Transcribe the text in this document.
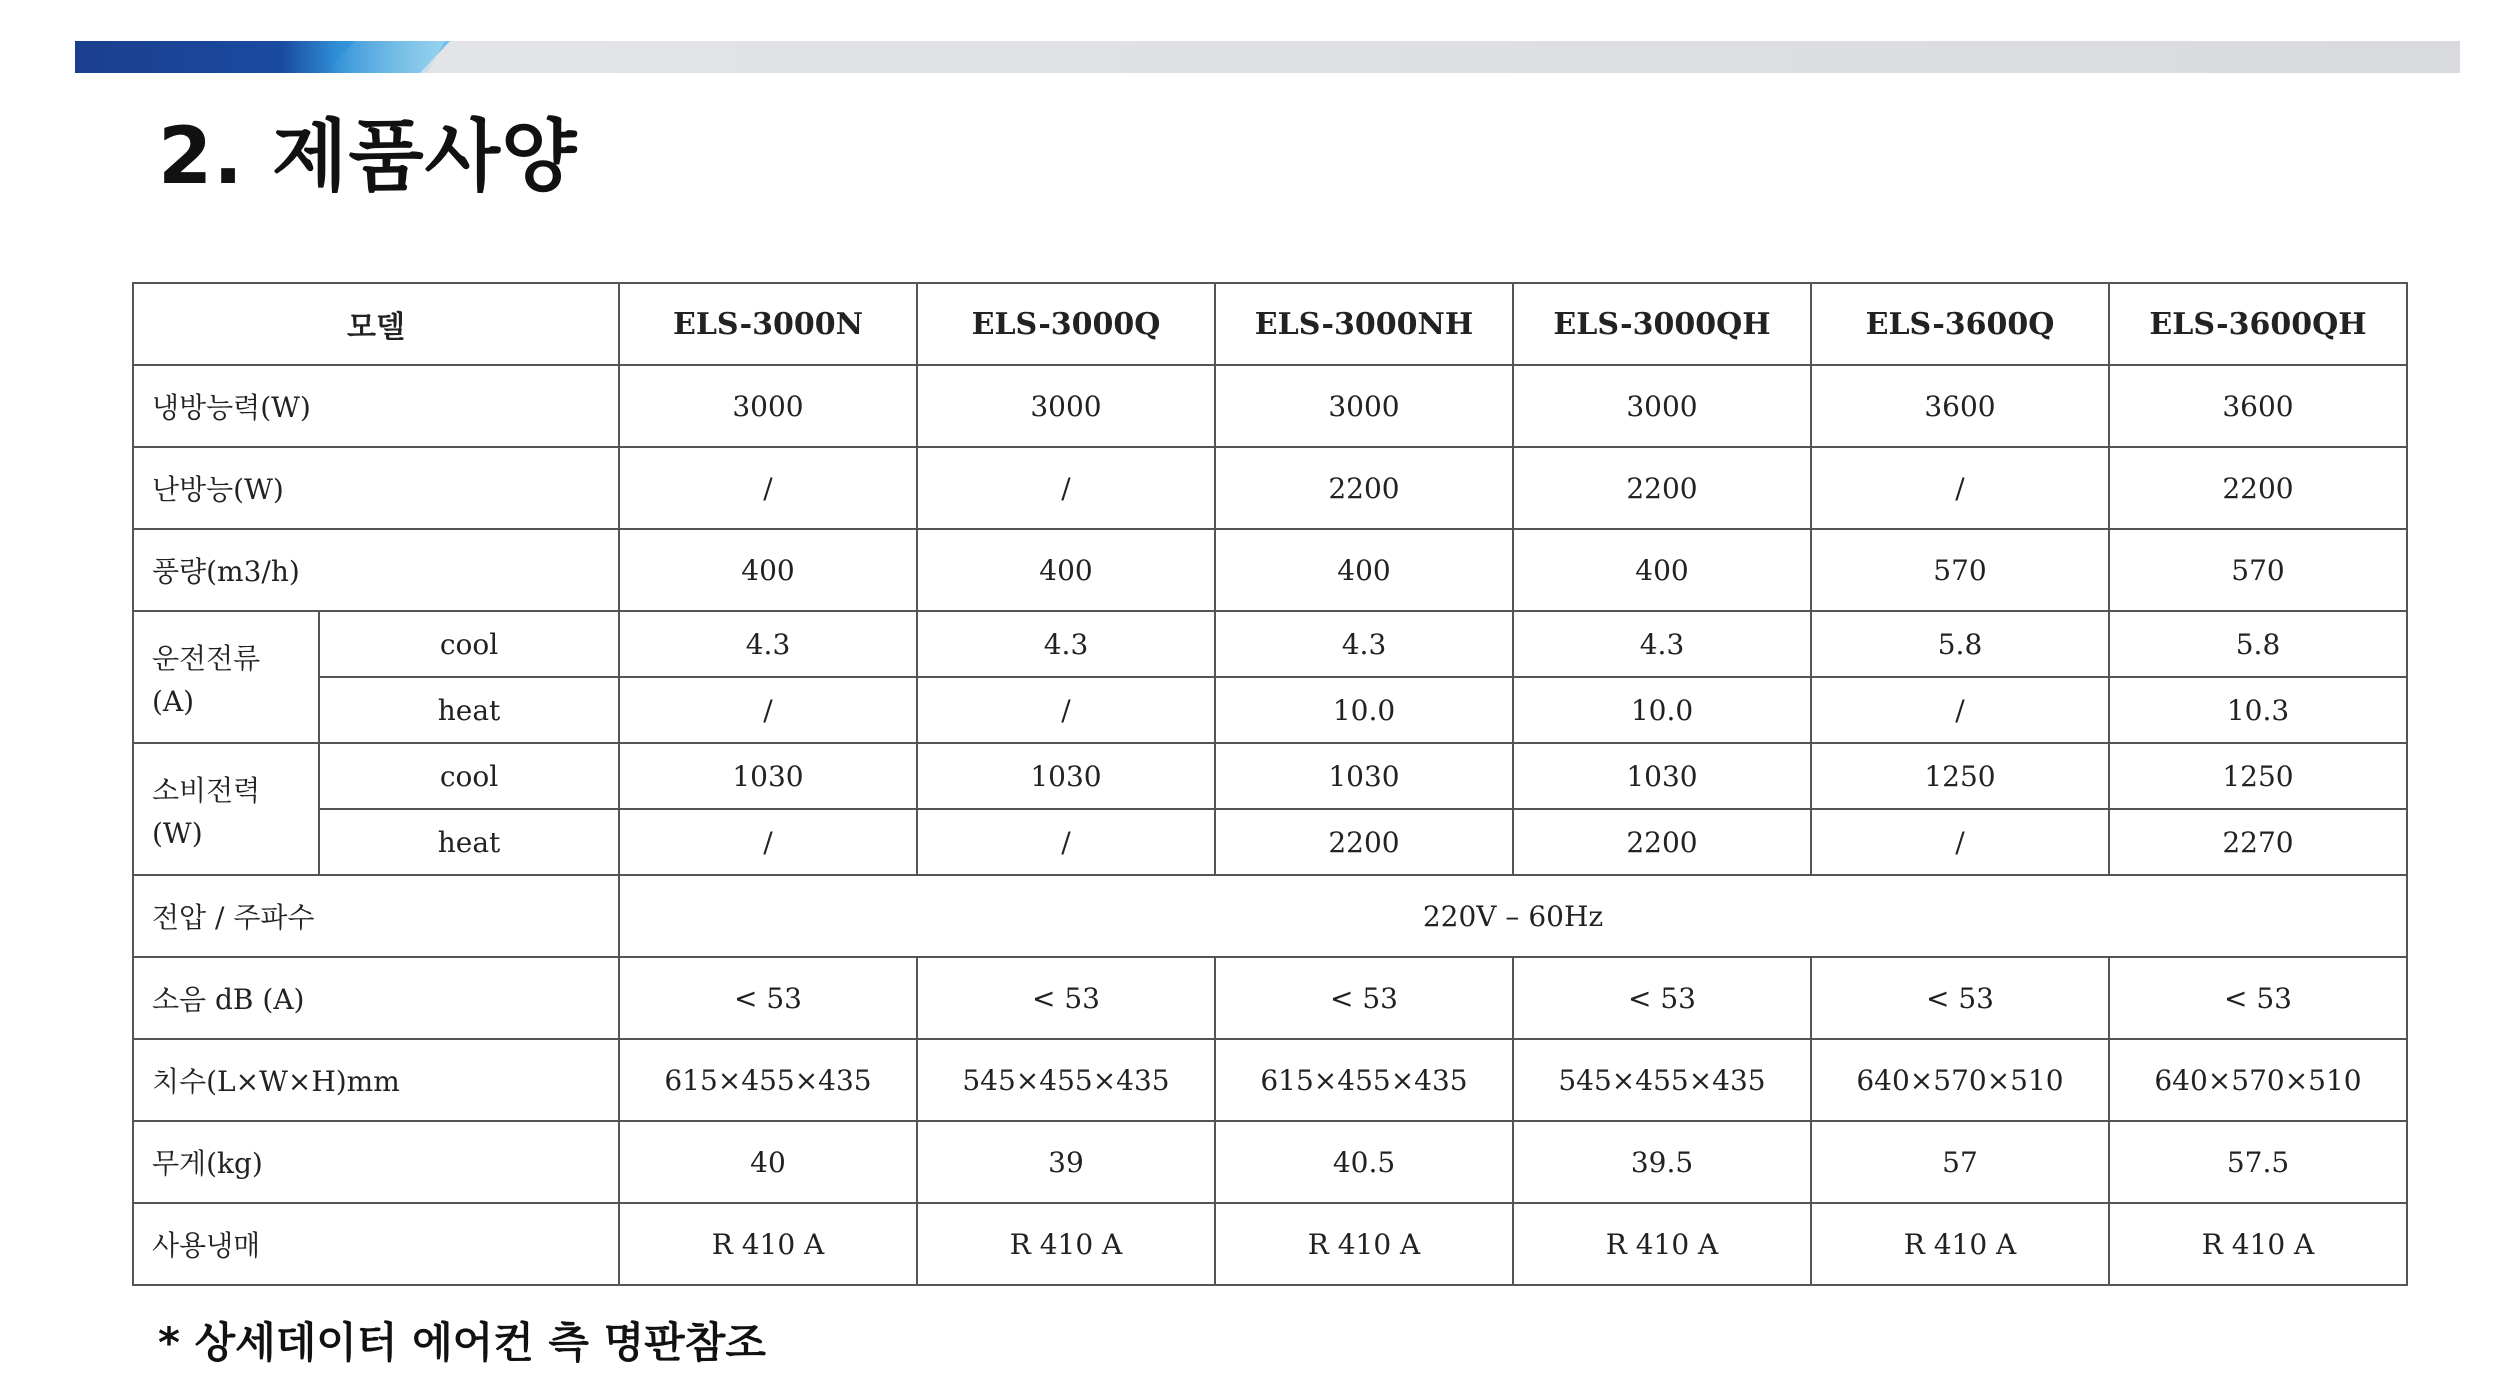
2. 제품사양
모델		ELS-3000N	ELS-3000Q	ELS-3000NH	ELS-3000QH	ELS-3600Q	ELS-3600QH
냉방능력(W)		3000	3000	3000	3000	3600	3600
난방능(W)		/	/	2200	2200	/	2200
풍량(m3/h)		400	400	400	400	570	570

운전전류
(A)	cool	4.3	4.3	4.3	4.3	5.8	5.8
	heat	/	/	10.0	10.0	/	10.3

소비전력
(W)	cool	1030	1030	1030	1030	1250	1250
	heat	/	/	2200	2200	/	2270
전압 / 주파수		220V – 60Hz					
소음 dB (A)		< 53	< 53	< 53	< 53	< 53	< 53
치수(L×W×H)mm		615×455×435	545×455×435	615×455×435	545×455×435	640×570×510	640×570×510
무게(kg)		40	39	40.5	39.5	57	57.5
사용냉매		R 410 A	R 410 A	R 410 A	R 410 A	R 410 A	R 410 A

* 상세데이터 에어컨 측 명판참조
